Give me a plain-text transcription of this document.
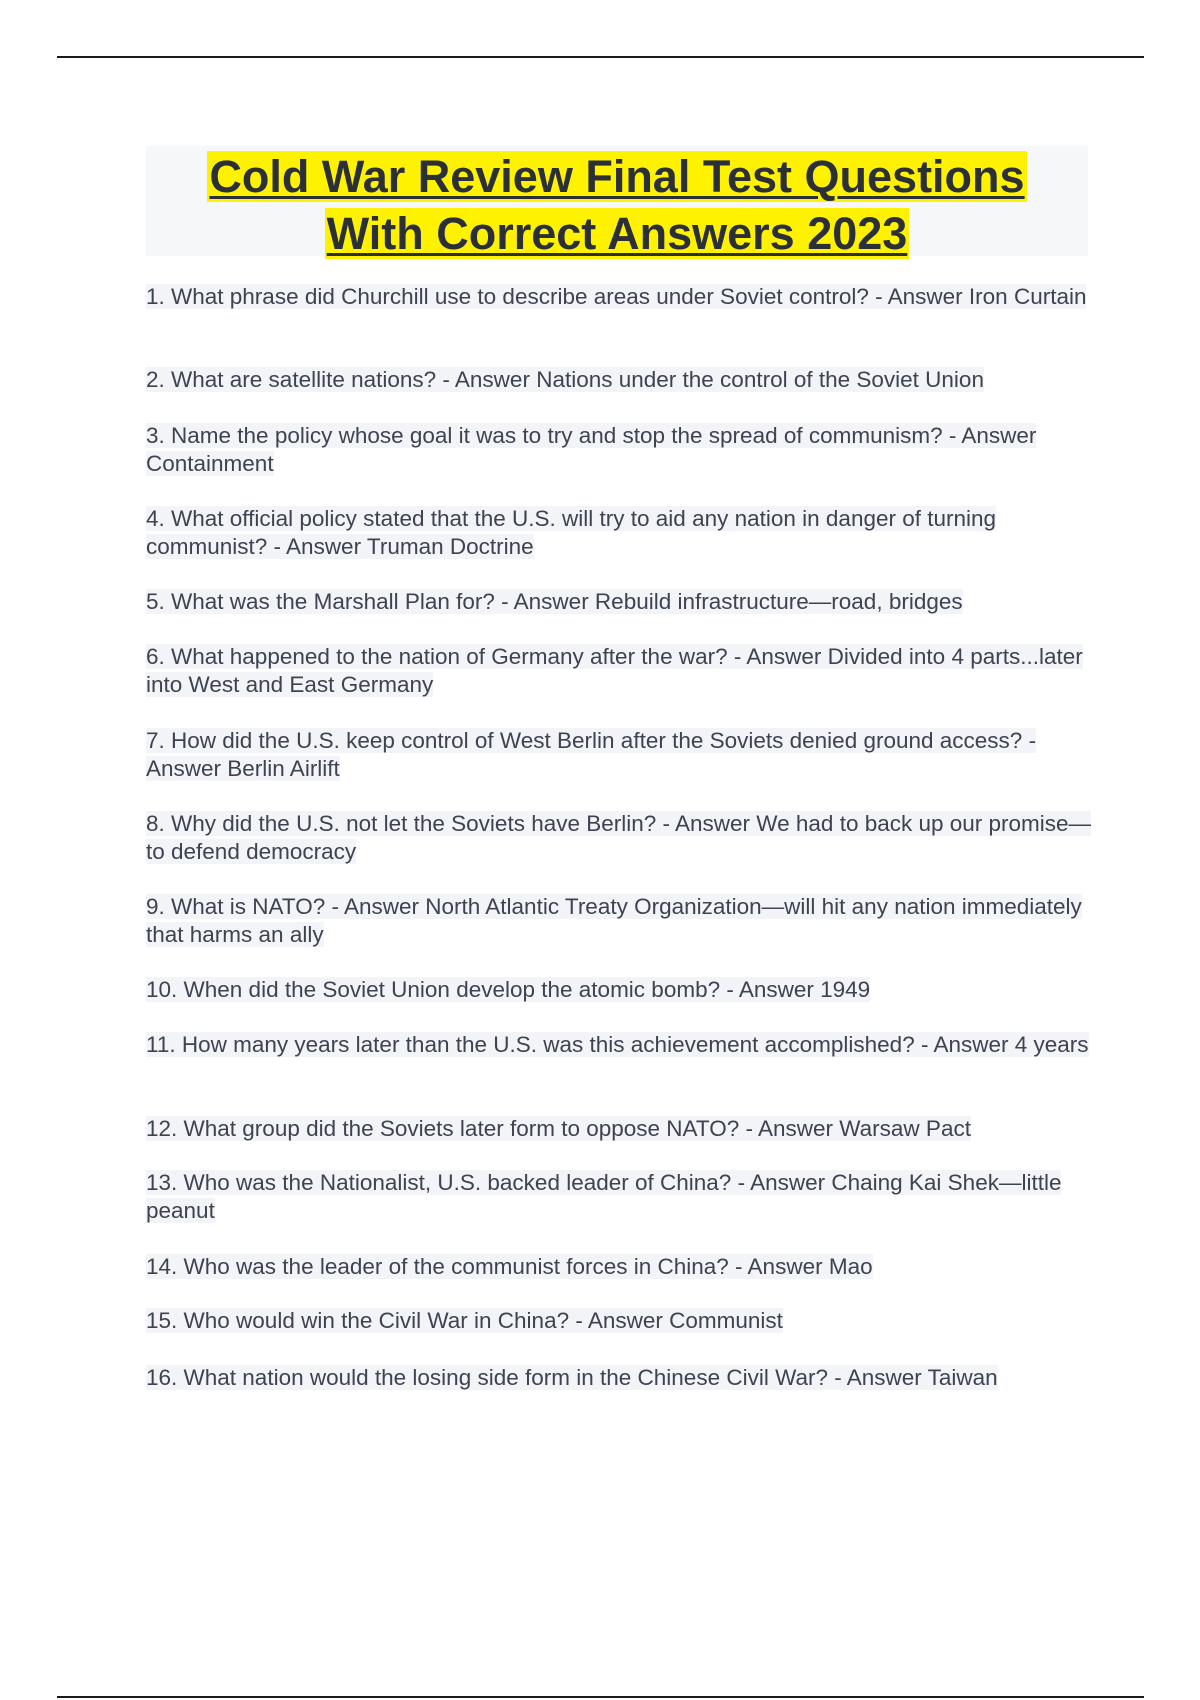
Cold War Review Final Test Questions
With Correct Answers 2023
1. What phrase did Churchill use to describe areas under Soviet control? - Answer Iron Curtain
2. What are satellite nations? - Answer Nations under the control of the Soviet Union
3. Name the policy whose goal it was to try and stop the spread of communism? - Answer Containment
4. What official policy stated that the U.S. will try to aid any nation in danger of turning communist? - Answer Truman Doctrine
5. What was the Marshall Plan for? - Answer Rebuild infrastructure—road, bridges
6. What happened to the nation of Germany after the war? - Answer Divided into 4 parts...later into West and East Germany
7. How did the U.S. keep control of West Berlin after the Soviets denied ground access? - Answer Berlin Airlift
8. Why did the U.S. not let the Soviets have Berlin? - Answer We had to back up our promise—to defend democracy
9. What is NATO? - Answer North Atlantic Treaty Organization—will hit any nation immediately that harms an ally
10. When did the Soviet Union develop the atomic bomb? - Answer 1949
11. How many years later than the U.S. was this achievement accomplished? - Answer 4 years
12. What group did the Soviets later form to oppose NATO? - Answer Warsaw Pact
13. Who was the Nationalist, U.S. backed leader of China? - Answer Chaing Kai Shek—little peanut
14. Who was the leader of the communist forces in China? - Answer Mao
15. Who would win the Civil War in China? - Answer Communist
16. What nation would the losing side form in the Chinese Civil War? - Answer Taiwan
